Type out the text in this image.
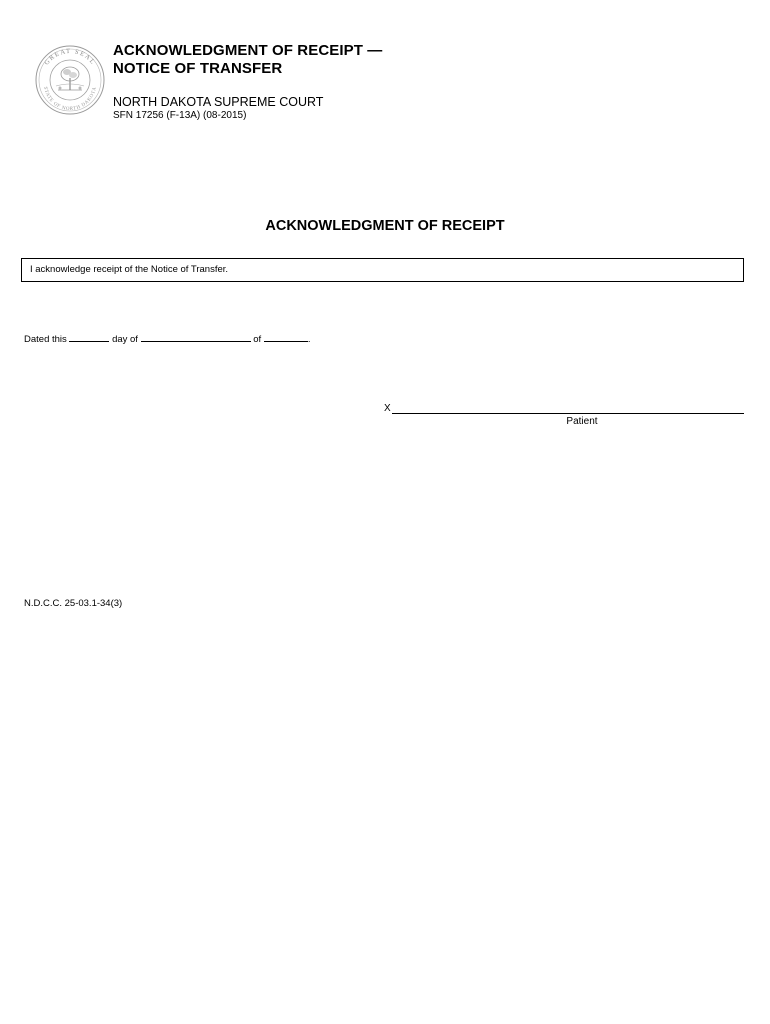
GREAT SEAL
STATE OF NORTH DAKOTA
ACKNOWLEDGMENT OF RECEIPT —
NOTICE OF TRANSFER
NORTH DAKOTA SUPREME COURT
SFN 17256 (F-13A) (08-2015)
ACKNOWLEDGMENT OF RECEIPT
I acknowledge receipt of the Notice of Transfer.
Dated this	day of	of	.
X
Patient
N.D.C.C. 25-03.1-34(3)
